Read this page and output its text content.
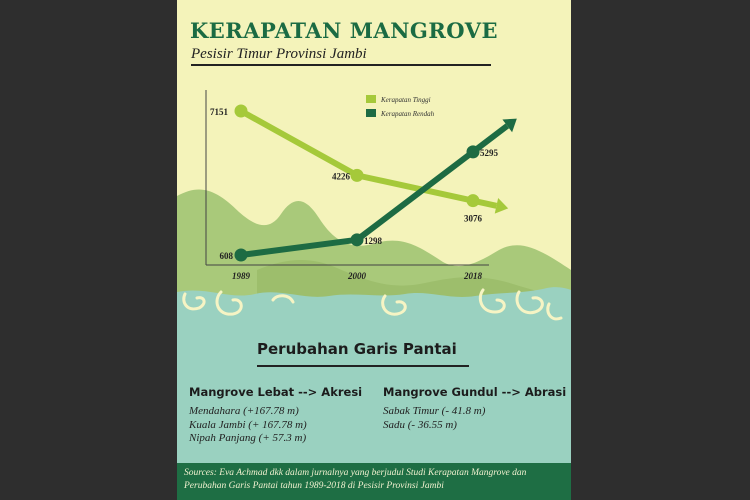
1989	2000	2018
7151
4226
3076
608
1298
5295
Kerapatan Tinggi
Kerapatan Rendah
KERAPATAN MANGROVE
Pesisir Timur Provinsi Jambi
Perubahan Garis Pantai
Mangrove Lebat --> Akresi
Mendahara (+167.78 m)
Kuala Jambi (+ 167.78 m)
Nipah Panjang (+ 57.3 m)
Mangrove Gundul --> Abrasi
Sabak Timur (- 41.8 m)
Sadu (- 36.55 m)
Sources: Eva Achmad dkk dalam jurnalnya yang berjudul Studi Kerapatan Mangrove dan Perubahan Garis Pantai tahun 1989-2018 di Pesisir Provinsi Jambi
